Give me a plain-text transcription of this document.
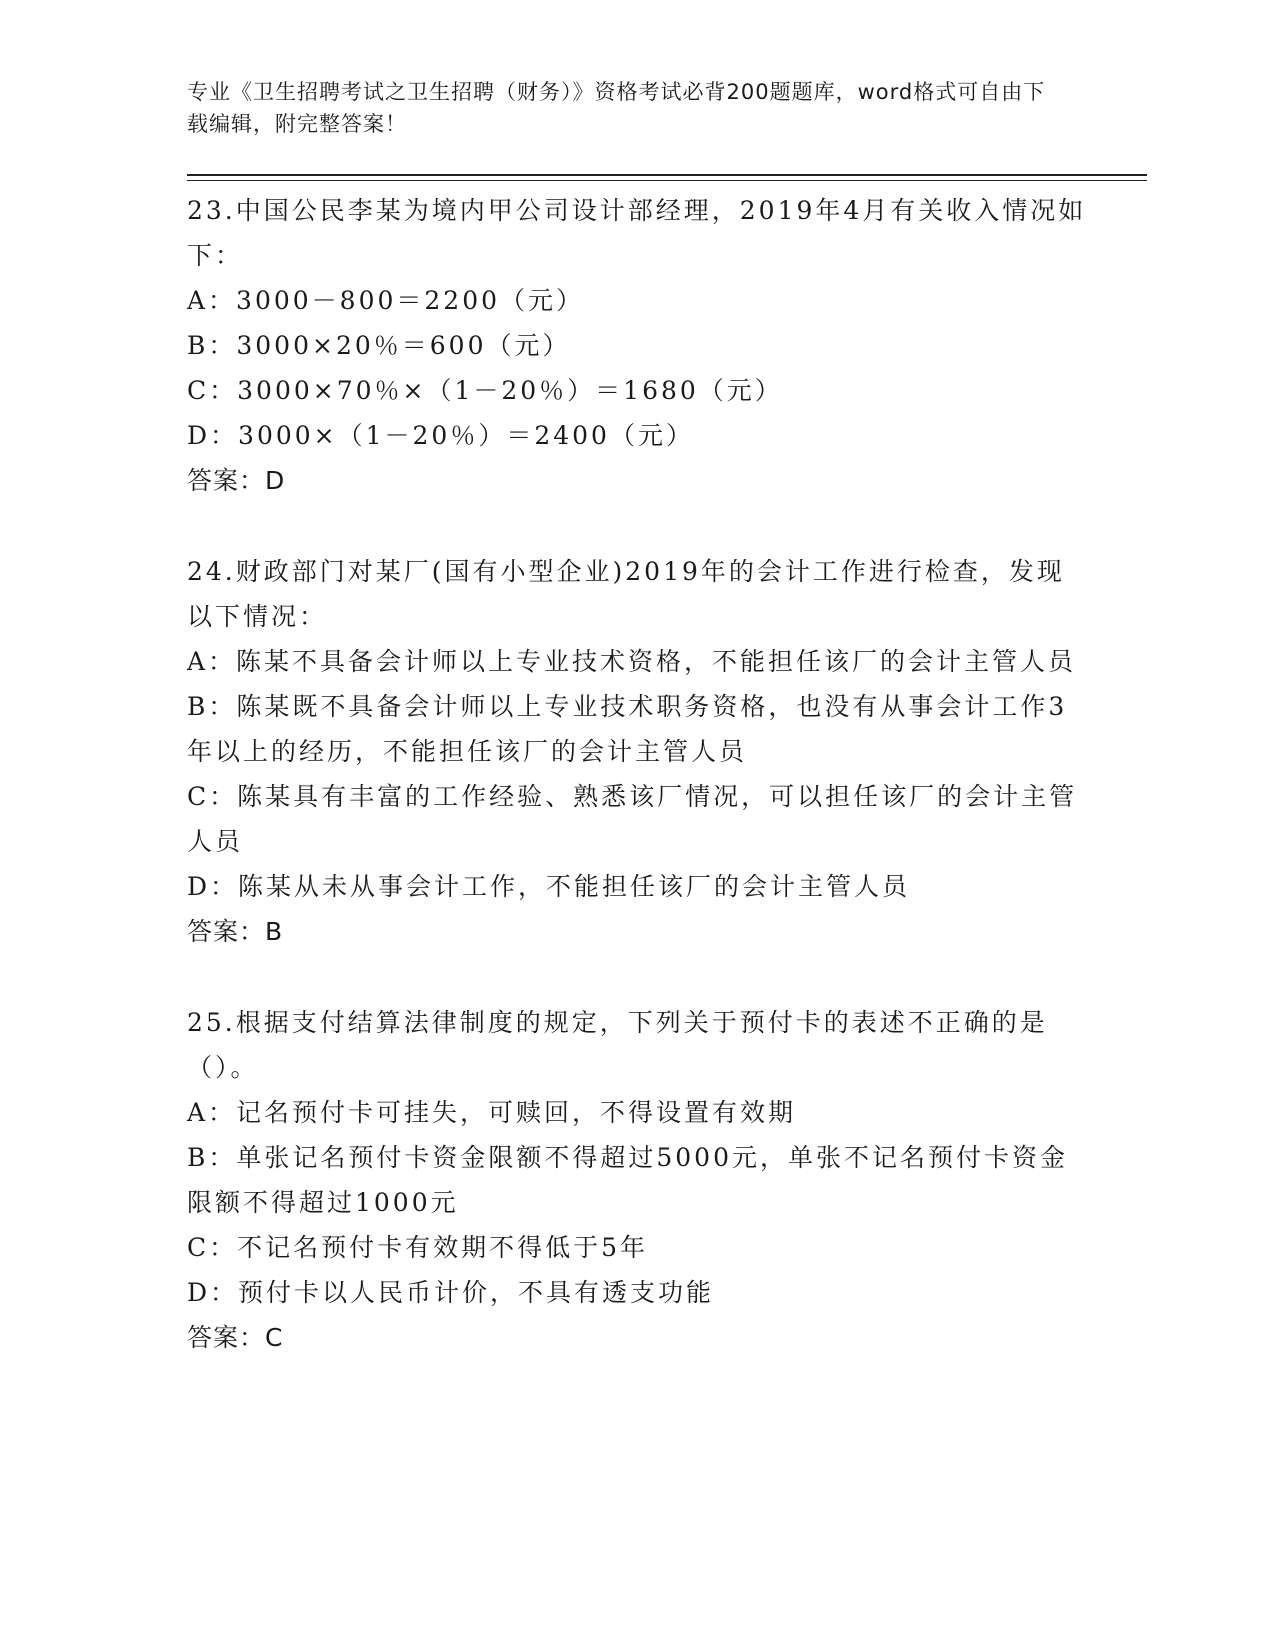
专业《卫生招聘考试之卫生招聘（财务）》资格考试必背200题题库，word格式可自由下载编辑，附完整答案！

23.中国公民李某为境内甲公司设计部经理，2019年4月有关收入情况如下：

A：3000－800＝2200（元）

B：3000×20％＝600（元）

C：3000×70％×（1－20％）＝1680（元）

D：3000×（1－20％）＝2400（元）

答案：D

24.财政部门对某厂(国有小型企业)2019年的会计工作进行检查，发现以下情况：

A：陈某不具备会计师以上专业技术资格，不能担任该厂的会计主管人员

B：陈某既不具备会计师以上专业技术职务资格，也没有从事会计工作3年以上的经历，不能担任该厂的会计主管人员

C：陈某具有丰富的工作经验、熟悉该厂情况，可以担任该厂的会计主管人员

D：陈某从未从事会计工作，不能担任该厂的会计主管人员

答案：B

25.根据支付结算法律制度的规定，下列关于预付卡的表述不正确的是（）。

A：记名预付卡可挂失，可赎回，不得设置有效期

B：单张记名预付卡资金限额不得超过5000元，单张不记名预付卡资金限额不得超过1000元

C：不记名预付卡有效期不得低于5年

D：预付卡以人民币计价，不具有透支功能

答案：C
